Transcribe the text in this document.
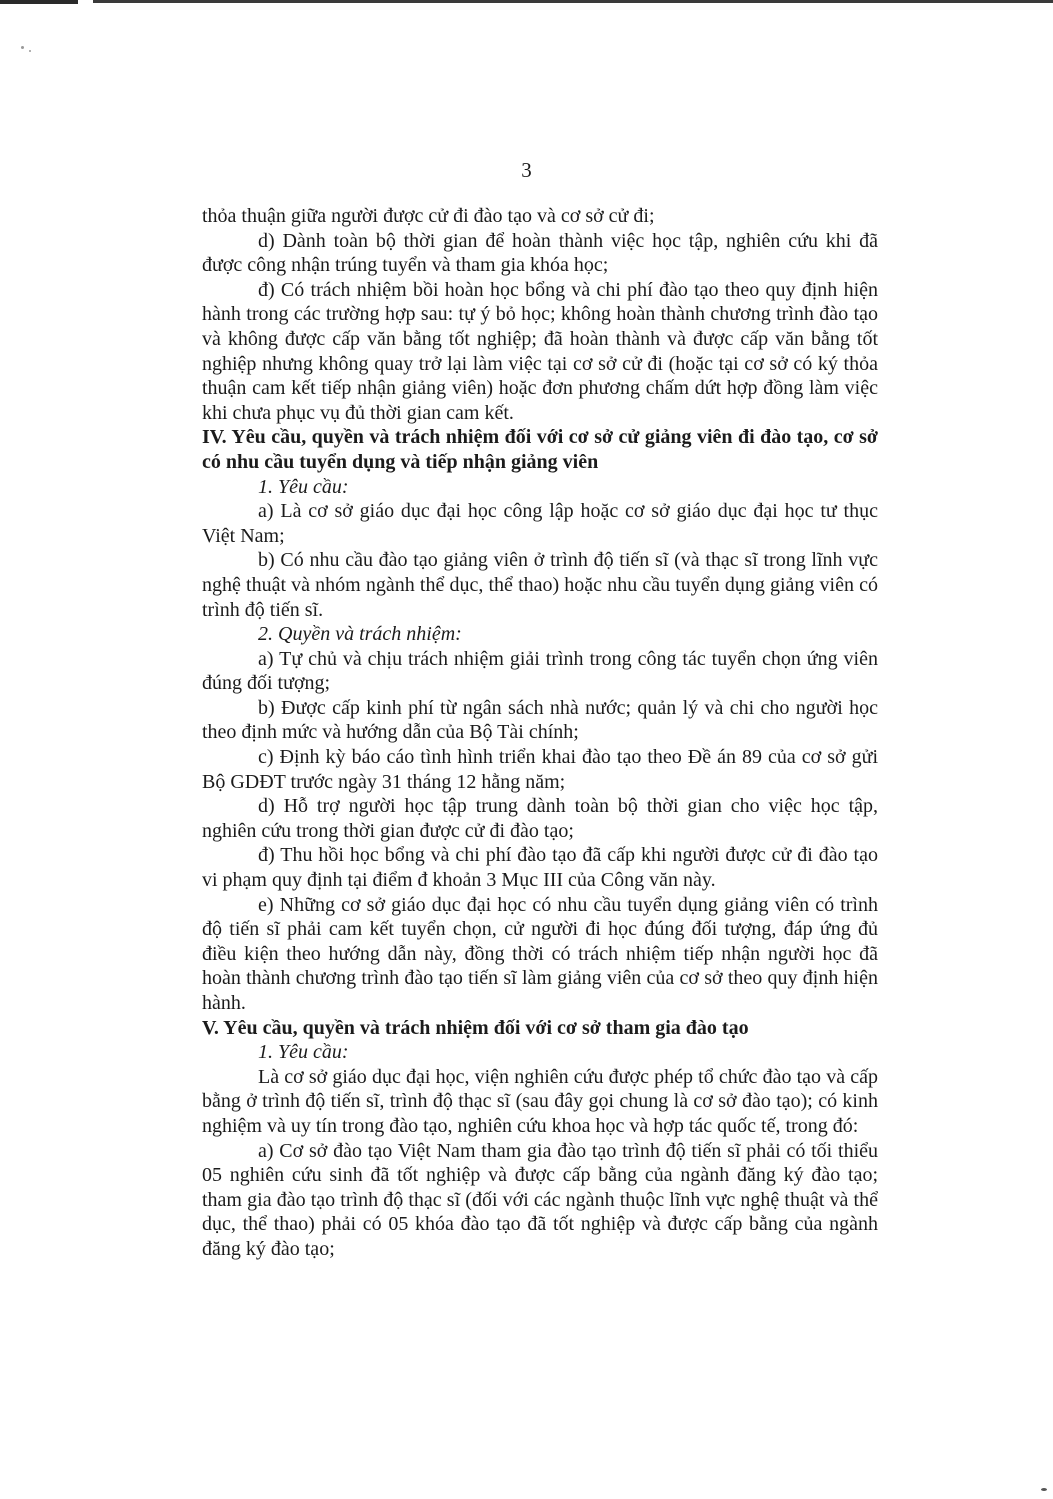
3

thỏa thuận giữa người được cử đi đào tạo và cơ sở cử đi;

d) Dành toàn bộ thời gian để hoàn thành việc học tập, nghiên cứu khi đã được công nhận trúng tuyển và tham gia khóa học;

đ) Có trách nhiệm bồi hoàn học bổng và chi phí đào tạo theo quy định hiện hành trong các trường hợp sau: tự ý bỏ học; không hoàn thành chương trình đào tạo và không được cấp văn bằng tốt nghiệp; đã hoàn thành và được cấp văn bằng tốt nghiệp nhưng không quay trở lại làm việc tại cơ sở cử đi (hoặc tại cơ sở có ký thỏa thuận cam kết tiếp nhận giảng viên) hoặc đơn phương chấm dứt hợp đồng làm việc khi chưa phục vụ đủ thời gian cam kết.

IV. Yêu cầu, quyền và trách nhiệm đối với cơ sở cử giảng viên đi đào tạo, cơ sở có nhu cầu tuyển dụng và tiếp nhận giảng viên

1. Yêu cầu:

a) Là cơ sở giáo dục đại học công lập hoặc cơ sở giáo dục đại học tư thục Việt Nam;

b) Có nhu cầu đào tạo giảng viên ở trình độ tiến sĩ (và thạc sĩ trong lĩnh vực nghệ thuật và nhóm ngành thể dục, thể thao) hoặc nhu cầu tuyển dụng giảng viên có trình độ tiến sĩ.

2. Quyền và trách nhiệm:

a) Tự chủ và chịu trách nhiệm giải trình trong công tác tuyển chọn ứng viên đúng đối tượng;

b) Được cấp kinh phí từ ngân sách nhà nước; quản lý và chi cho người học theo định mức và hướng dẫn của Bộ Tài chính;

c) Định kỳ báo cáo tình hình triển khai đào tạo theo Đề án 89 của cơ sở gửi Bộ GDĐT trước ngày 31 tháng 12 hằng năm;

d) Hỗ trợ người học tập trung dành toàn bộ thời gian cho việc học tập, nghiên cứu trong thời gian được cử đi đào tạo;

đ) Thu hồi học bổng và chi phí đào tạo đã cấp khi người được cử đi đào tạo vi phạm quy định tại điểm đ khoản 3 Mục III của Công văn này.

e) Những cơ sở giáo dục đại học có nhu cầu tuyển dụng giảng viên có trình độ tiến sĩ phải cam kết tuyển chọn, cử người đi học đúng đối tượng, đáp ứng đủ điều kiện theo hướng dẫn này, đồng thời có trách nhiệm tiếp nhận người học đã hoàn thành chương trình đào tạo tiến sĩ làm giảng viên của cơ sở theo quy định hiện hành.

V. Yêu cầu, quyền và trách nhiệm đối với cơ sở tham gia đào tạo

1. Yêu cầu:

Là cơ sở giáo dục đại học, viện nghiên cứu được phép tổ chức đào tạo và cấp bằng ở trình độ tiến sĩ, trình độ thạc sĩ (sau đây gọi chung là cơ sở đào tạo); có kinh nghiệm và uy tín trong đào tạo, nghiên cứu khoa học và hợp tác quốc tế, trong đó:

a) Cơ sở đào tạo Việt Nam tham gia đào tạo trình độ tiến sĩ phải có tối thiểu 05 nghiên cứu sinh đã tốt nghiệp và được cấp bằng của ngành đăng ký đào tạo; tham gia đào tạo trình độ thạc sĩ (đối với các ngành thuộc lĩnh vực nghệ thuật và thể dục, thể thao) phải có 05 khóa đào tạo đã tốt nghiệp và được cấp bằng của ngành đăng ký đào tạo;
